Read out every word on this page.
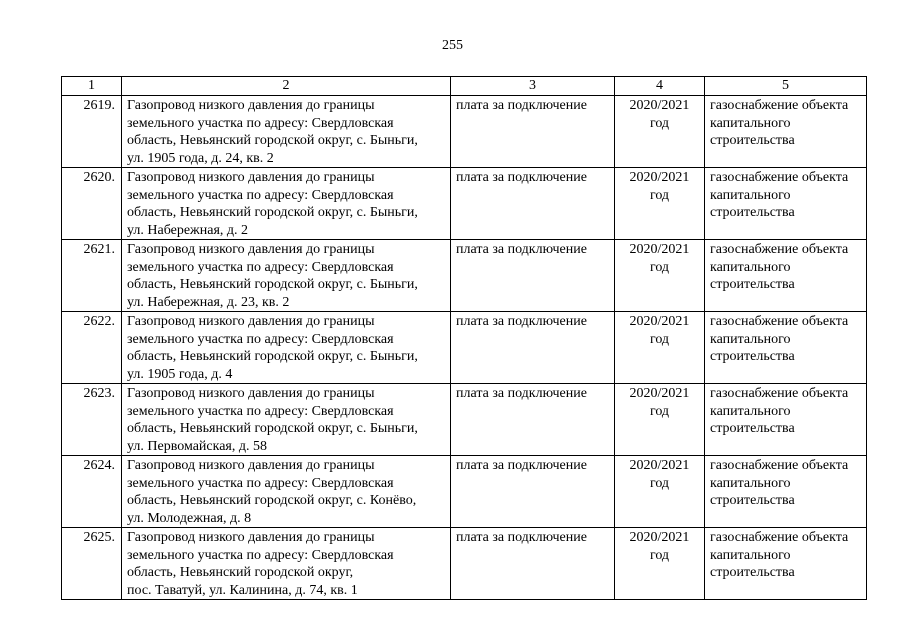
255
1	2	3	4	5
2619.	Газопровод низкого давления до границы
земельного участка по адресу: Свердловская
область, Невьянский городской округ, с. Быньги,
ул. 1905 года, д. 24, кв. 2	плата за подключение	2020/2021
год	газоснабжение объекта
капитального
строительства
2620.	Газопровод низкого давления до границы
земельного участка по адресу: Свердловская
область, Невьянский городской округ, с. Быньги,
ул. Набережная, д. 2	плата за подключение	2020/2021
год	газоснабжение объекта
капитального
строительства
2621.	Газопровод низкого давления до границы
земельного участка по адресу: Свердловская
область, Невьянский городской округ, с. Быньги,
ул. Набережная, д. 23, кв. 2	плата за подключение	2020/2021
год	газоснабжение объекта
капитального
строительства
2622.	Газопровод низкого давления до границы
земельного участка по адресу: Свердловская
область, Невьянский городской округ, с. Быньги,
ул. 1905 года, д. 4	плата за подключение	2020/2021
год	газоснабжение объекта
капитального
строительства
2623.	Газопровод низкого давления до границы
земельного участка по адресу: Свердловская
область, Невьянский городской округ, с. Быньги,
ул. Первомайская, д. 58	плата за подключение	2020/2021
год	газоснабжение объекта
капитального
строительства
2624.	Газопровод низкого давления до границы
земельного участка по адресу: Свердловская
область, Невьянский городской округ, с. Конёво,
ул. Молодежная, д. 8	плата за подключение	2020/2021
год	газоснабжение объекта
капитального
строительства
2625.	Газопровод низкого давления до границы
земельного участка по адресу: Свердловская
область, Невьянский городской округ,
пос. Таватуй, ул. Калинина, д. 74, кв. 1	плата за подключение	2020/2021
год	газоснабжение объекта
капитального
строительства
